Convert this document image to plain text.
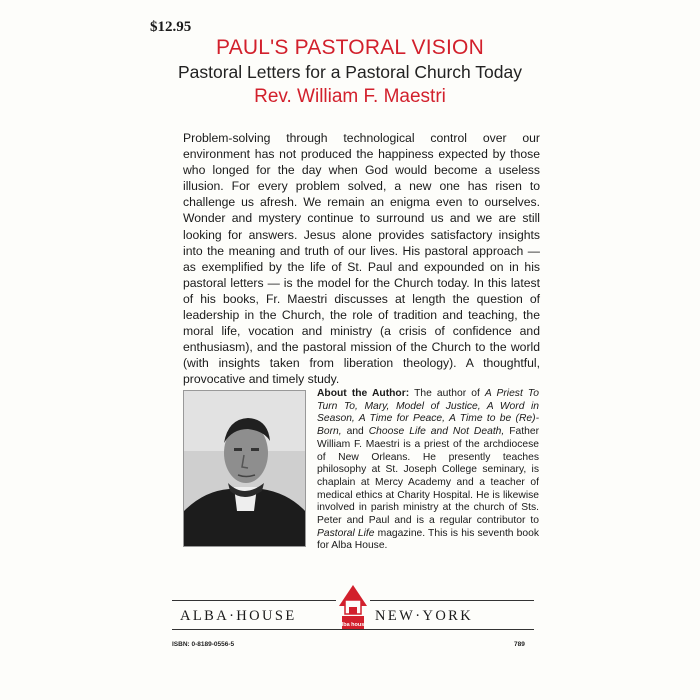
$12.95
PAUL'S PASTORAL VISION
Pastoral Letters for a Pastoral Church Today
Rev. William F. Maestri

Problem-solving through technological control over our environment has not produced the happiness expected by those who longed for the day when God would become a useless illusion. For every problem solved, a new one has risen to challenge us afresh. We remain an enigma even to ourselves. Wonder and mystery continue to surround us and we are still looking for answers. Jesus alone provides satisfactory insights into the meaning and truth of our lives. His pastoral approach — as exemplified by the life of St. Paul and expounded on in his pastoral letters — is the model for the Church today. In this latest of his books, Fr. Maestri discusses at length the question of leadership in the Church, the role of tradition and teaching, the moral life, vocation and ministry (a crisis of confidence and enthusiasm), and the pastoral mission of the Church to the world (with insights taken from liberation theology). A thoughtful, provocative and timely study.

About the Author: The author of A Priest To Turn To, Mary, Model of Justice, A Word in Season, A Time for Peace, A Time to be (Re)-Born, and Choose Life and Not Death, Father William F. Maestri is a priest of the archdiocese of New Orleans. He presently teaches philosophy at St. Joseph College seminary, is chaplain at Mercy Academy and a teacher of medical ethics at Charity Hospital. He is likewise involved in parish ministry at the church of Sts. Peter and Paul and is a regular contributor to Pastoral Life magazine. This is his seventh book for Alba House.

ALBA·HOUSE
alba house
NEW·YORK
ISBN: 0-8189-0556-5	789
